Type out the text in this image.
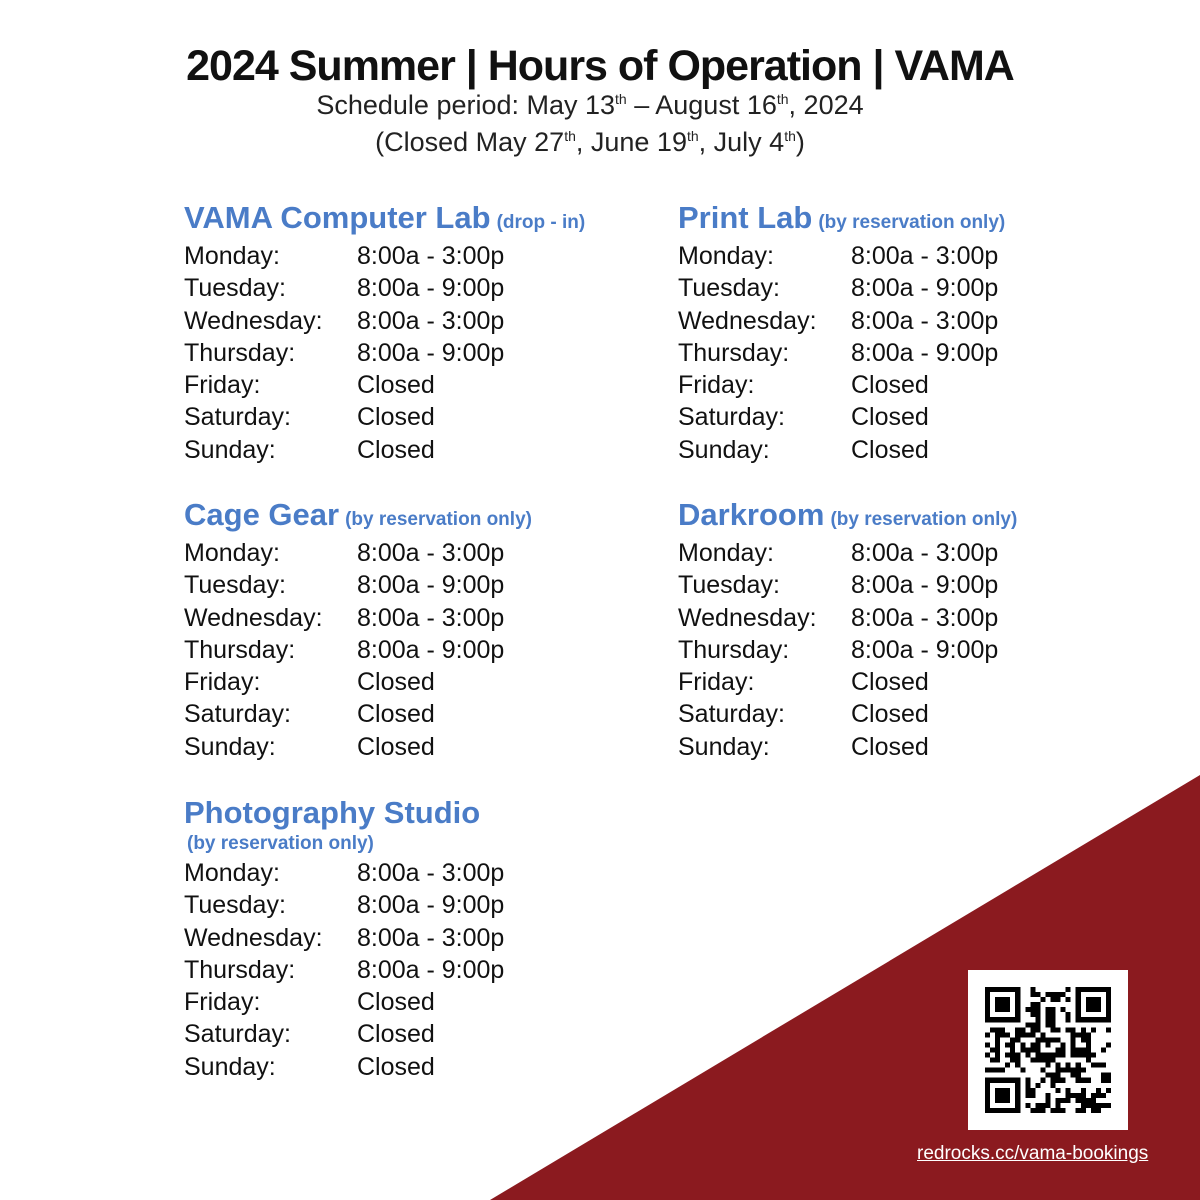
2024 Summer | Hours of Operation | VAMA
Schedule period: May 13th – August 16th, 2024
(Closed May 27th, June 19th, July 4th)
VAMA Computer Lab (drop - in)
Monday:	8:00a - 3:00p
Tuesday:	8:00a - 9:00p
Wednesday:	8:00a - 3:00p
Thursday:	8:00a - 9:00p
Friday:	Closed
Saturday:	Closed
Sunday:	Closed
Print Lab (by reservation only)
Monday:	8:00a - 3:00p
Tuesday:	8:00a - 9:00p
Wednesday:	8:00a - 3:00p
Thursday:	8:00a - 9:00p
Friday:	Closed
Saturday:	Closed
Sunday:	Closed
Cage Gear (by reservation only)
Monday:	8:00a - 3:00p
Tuesday:	8:00a - 9:00p
Wednesday:	8:00a - 3:00p
Thursday:	8:00a - 9:00p
Friday:	Closed
Saturday:	Closed
Sunday:	Closed
Darkroom (by reservation only)
Monday:	8:00a - 3:00p
Tuesday:	8:00a - 9:00p
Wednesday:	8:00a - 3:00p
Thursday:	8:00a - 9:00p
Friday:	Closed
Saturday:	Closed
Sunday:	Closed
Photography Studio
(by reservation only)
Monday:	8:00a - 3:00p
Tuesday:	8:00a - 9:00p
Wednesday:	8:00a - 3:00p
Thursday:	8:00a - 9:00p
Friday:	Closed
Saturday:	Closed
Sunday:	Closed
redrocks.cc/vama-bookings
